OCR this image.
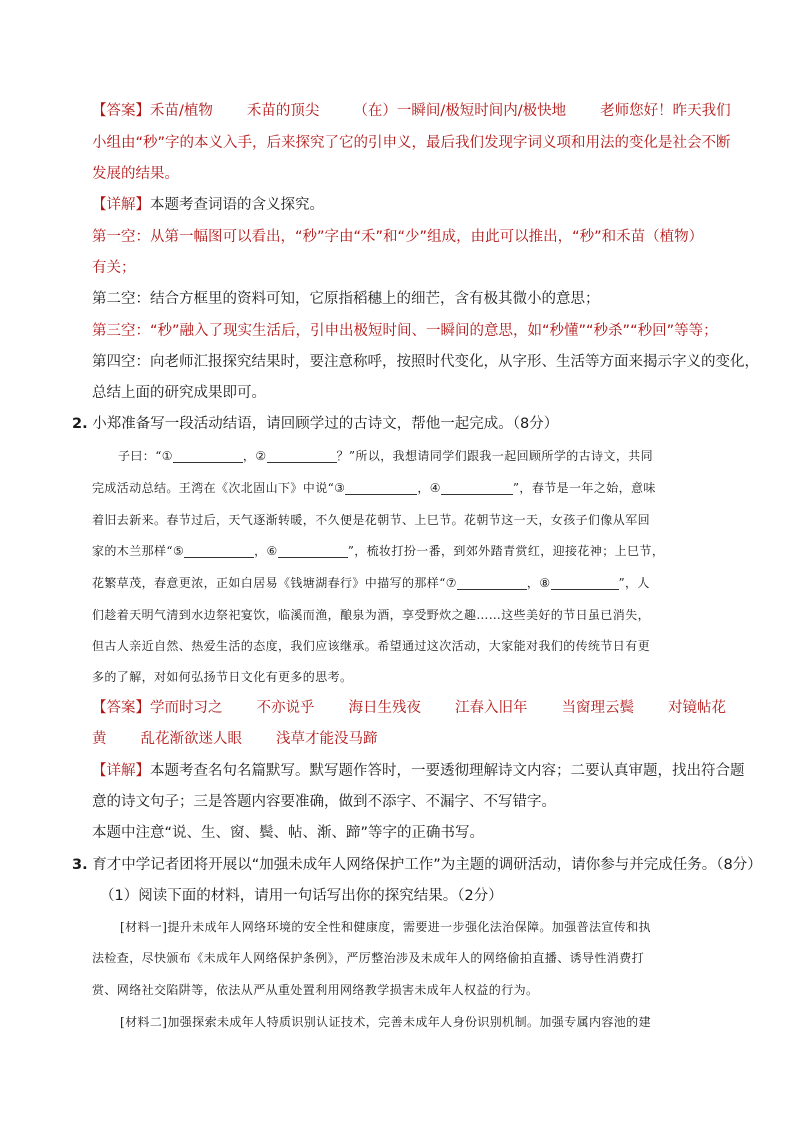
【答案】禾苗/植物 禾苗的顶尖 （在）一瞬间/极短时间内/极快地 老师您好！昨天我们
小组由“秒”字的本义入手，后来探究了它的引申义，最后我们发现字词义项和用法的变化是社会不断
发展的结果。
【详解】本题考查词语的含义探究。
第一空：从第一幅图可以看出，“秒”字由“禾”和“少”组成，由此可以推出，“秒”和禾苗（植物）
有关；
第二空：结合方框里的资料可知，它原指稻穗上的细芒，含有极其微小的意思；
第三空：“秒”融入了现实生活后，引申出极短时间、一瞬间的意思，如“秒懂”“秒杀”“秒回”等等；
第四空：向老师汇报探究结果时，要注意称呼，按照时代变化，从字形、生活等方面来揭示字义的变化，
总结上面的研究成果即可。
2. 小郑准备写一段活动结语，请回顾学过的古诗文，帮他一起完成。（8分）
子曰：“①	，②	？”所以，我想请同学们跟我一起回顾所学的古诗文，共同
完成活动总结。王湾在《次北固山下》中说“③	，④	”，春节是一年之始，意味
着旧去新来。春节过后，天气逐渐转暖，不久便是花朝节、上巳节。花朝节这一天，女孩子们像从军回
家的木兰那样“⑤	，⑥	”，梳妆打扮一番，到郊外踏青赏红，迎接花神；上巳节，
花繁草茂，春意更浓，正如白居易《钱塘湖春行》中描写的那样“⑦	，⑧	”，人
们趁着天明气清到水边祭祀宴饮，临溪而渔，酿泉为酒，享受野炊之趣……这些美好的节日虽已消失，
但古人亲近自然、热爱生活的态度，我们应该继承。希望通过这次活动，大家能对我们的传统节日有更
多的了解，对如何弘扬节日文化有更多的思考。
【答案】学而时习之 不亦说乎 海日生残夜 江春入旧年 当窗理云鬓 对镜帖花
黄 乱花渐欲迷人眼 浅草才能没马蹄
【详解】本题考查名句名篇默写。默写题作答时，一要透彻理解诗文内容；二要认真审题，找出符合题
意的诗文句子；三是答题内容要准确，做到不添字、不漏字、不写错字。
本题中注意“说、生、窗、鬓、帖、渐、蹄”等字的正确书写。
3. 育才中学记者团将开展以“加强未成年人网络保护工作”为主题的调研活动，请你参与并完成任务。（8分）
（1）阅读下面的材料，请用一句话写出你的探究结果。（2分）
[材料一]提升未成年人网络环境的安全性和健康度，需要进一步强化法治保障。加强普法宣传和执
法检查，尽快颁布《未成年人网络保护条例》，严厉整治涉及未成年人的网络偷拍直播、诱导性消费打
赏、网络社交陷阱等，依法从严从重处置利用网络教学损害未成年人权益的行为。
[材料二]加强探索未成年人特质识别认证技术，完善未成年人身份识别机制。加强专属内容池的建
